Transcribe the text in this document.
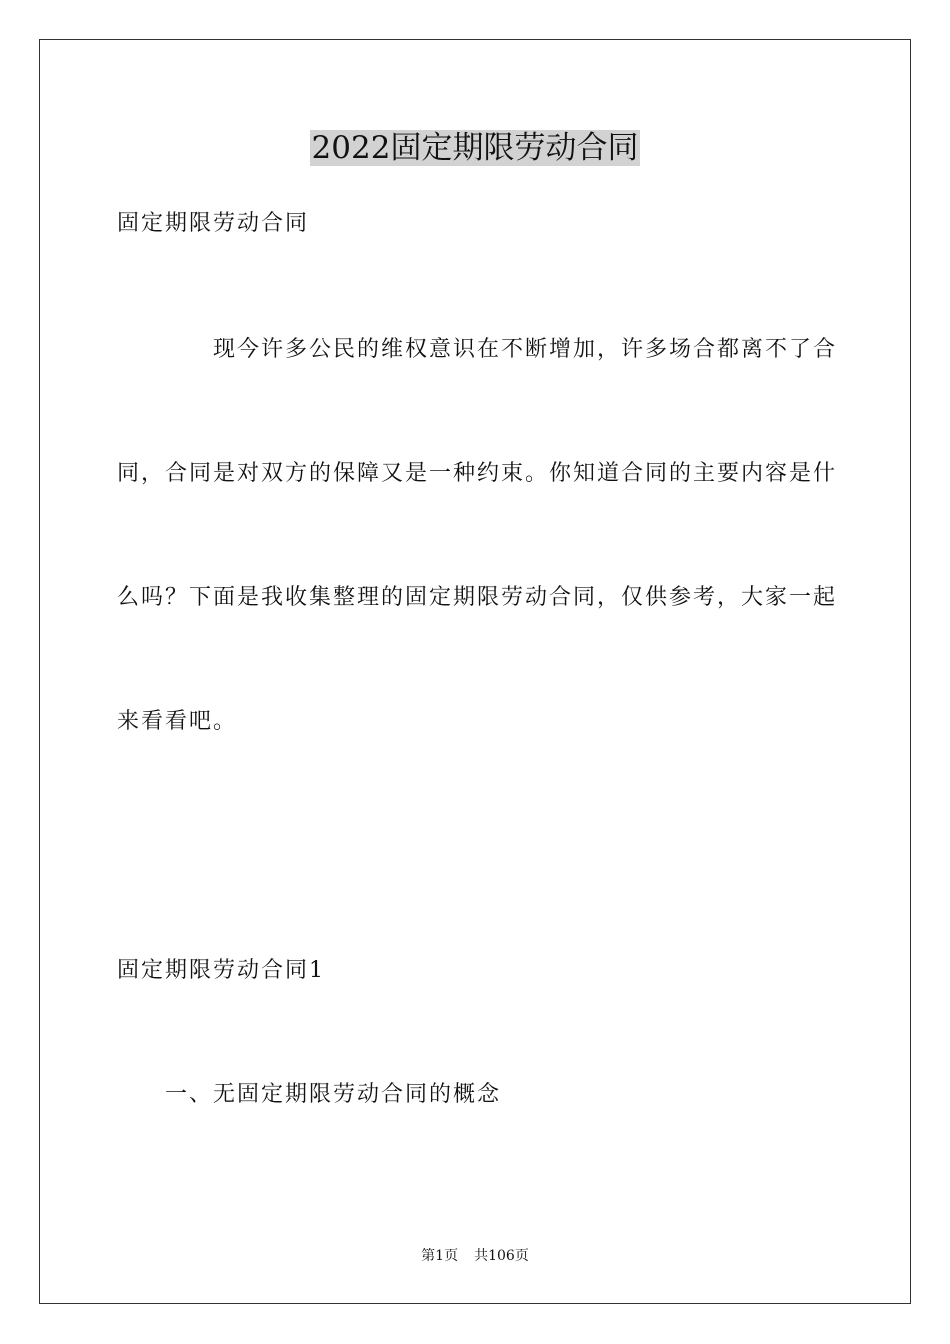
2022固定期限劳动合同
固定期限劳动合同
现今许多公民的维权意识在不断增加，许多场合都离不了合
同，合同是对双方的保障又是一种约束。你知道合同的主要内容是什
么吗？下面是我收集整理的固定期限劳动合同，仅供参考，大家一起
来看看吧。
固定期限劳动合同1
一、无固定期限劳动合同的概念
第1页 共106页
